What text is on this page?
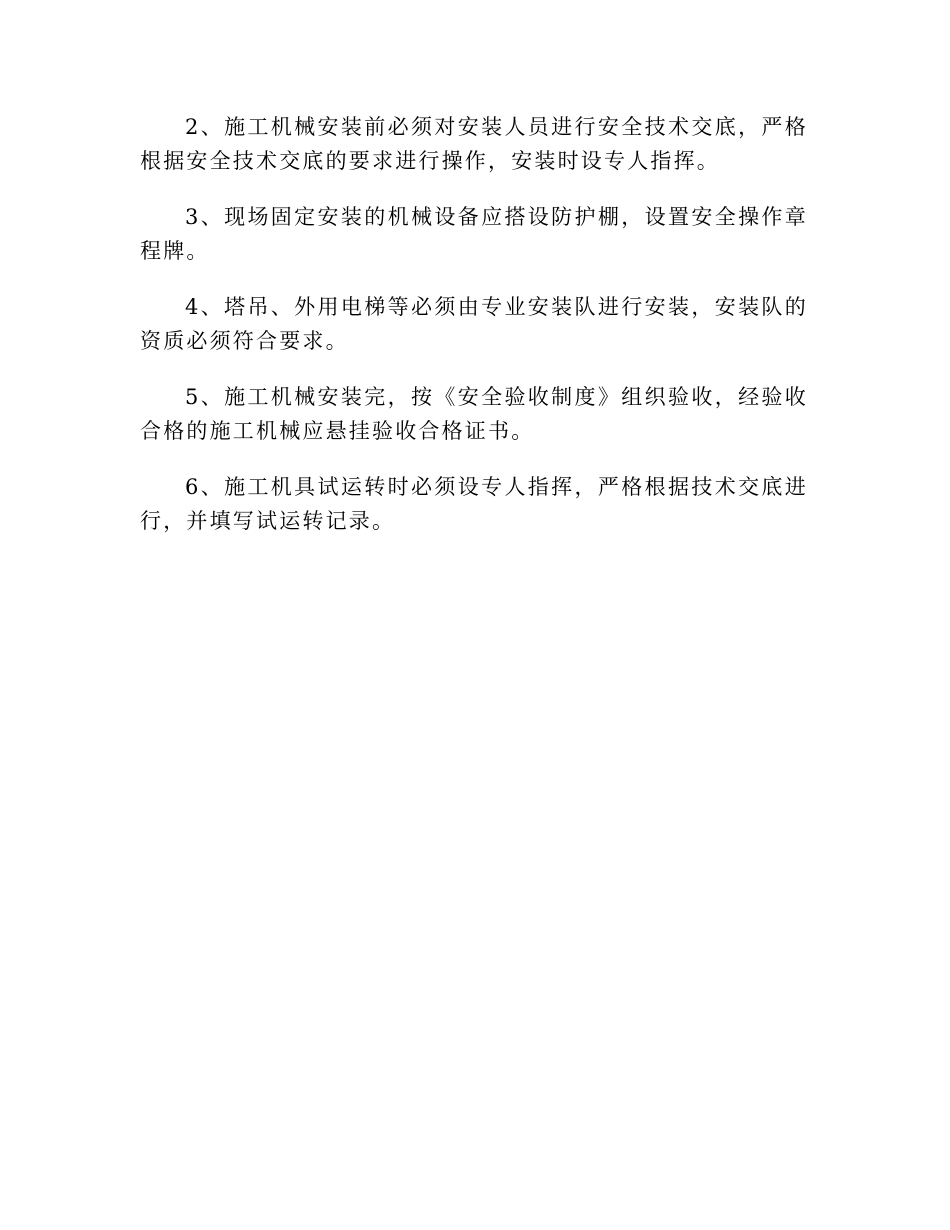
2、施工机械安装前必须对安装人员进行安全技术交底，严格根据安全技术交底的要求进行操作，安装时设专人指挥。

3、现场固定安装的机械设备应搭设防护棚，设置安全操作章程牌。

4、塔吊、外用电梯等必须由专业安装队进行安装，安装队的资质必须符合要求。

5、施工机械安装完，按《安全验收制度》组织验收，经验收合格的施工机械应悬挂验收合格证书。

6、施工机具试运转时必须设专人指挥，严格根据技术交底进行，并填写试运转记录。
